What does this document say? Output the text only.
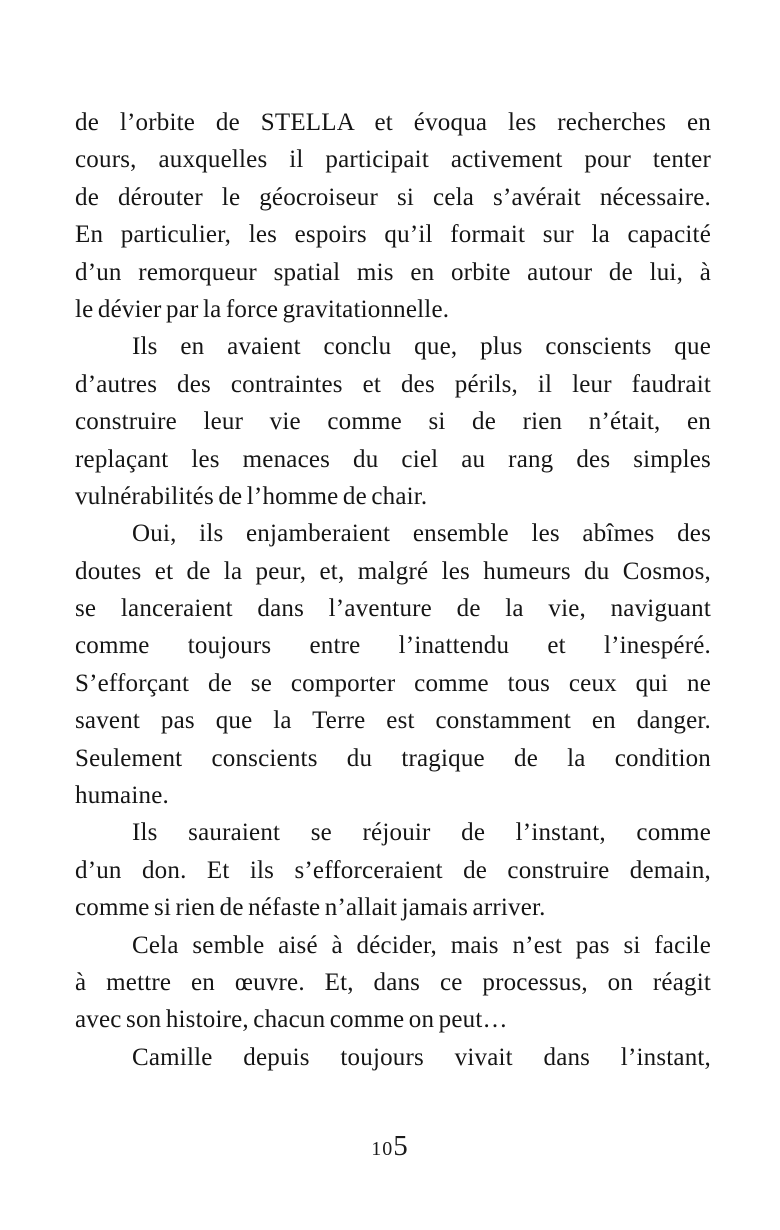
de l’orbite de STELLA et évoqua les recherches en
cours, auxquelles il participait activement pour tenter
de dérouter le géocroiseur si cela s’avérait nécessaire.
En particulier, les espoirs qu’il formait sur la capacité
d’un remorqueur spatial mis en orbite autour de lui, à
le dévier par la force gravitationnelle.
Ils en avaient conclu que, plus conscients que
d’autres des contraintes et des périls, il leur faudrait
construire leur vie comme si de rien n’était, en
replaçant les menaces du ciel au rang des simples
vulnérabilités de l’homme de chair.
Oui, ils enjamberaient ensemble les abîmes des
doutes et de la peur, et, malgré les humeurs du Cosmos,
se lanceraient dans l’aventure de la vie, naviguant
comme toujours entre l’inattendu et l’inespéré.
S’efforçant de se comporter comme tous ceux qui ne
savent pas que la Terre est constamment en danger.
Seulement conscients du tragique de la condition
humaine.
Ils sauraient se réjouir de l’instant, comme
d’un don. Et ils s’efforceraient de construire demain,
comme si rien de néfaste n’allait jamais arriver.
Cela semble aisé à décider, mais n’est pas si facile
à mettre en œuvre. Et, dans ce processus, on réagit
avec son histoire, chacun comme on peut…
Camille depuis toujours vivait dans l’instant,
105
